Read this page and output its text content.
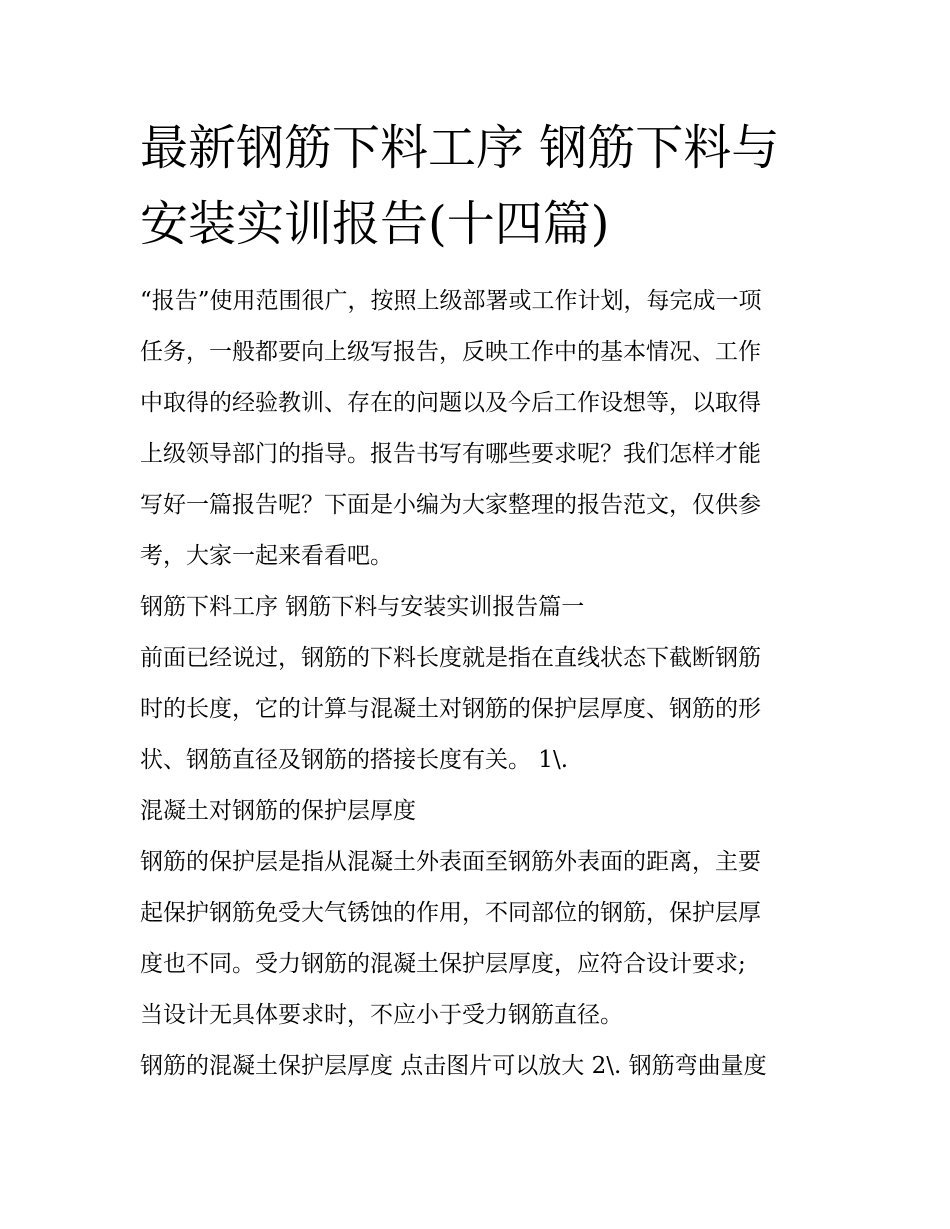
最新钢筋下料工序 钢筋下料与
安装实训报告(十四篇)

“报告”使用范围很广，按照上级部署或工作计划，每完成一项
任务，一般都要向上级写报告，反映工作中的基本情况、工作
中取得的经验教训、存在的问题以及今后工作设想等，以取得
上级领导部门的指导。报告书写有哪些要求呢？我们怎样才能
写好一篇报告呢？下面是小编为大家整理的报告范文，仅供参
考，大家一起来看看吧。

钢筋下料工序 钢筋下料与安装实训报告篇一

前面已经说过，钢筋的下料长度就是指在直线状态下截断钢筋
时的长度，它的计算与混凝土对钢筋的保护层厚度、钢筋的形
状、钢筋直径及钢筋的搭接长度有关。 1\.

混凝土对钢筋的保护层厚度

钢筋的保护层是指从混凝土外表面至钢筋外表面的距离，主要
起保护钢筋免受大气锈蚀的作用，不同部位的钢筋，保护层厚
度也不同。受力钢筋的混凝土保护层厚度，应符合设计要求;
当设计无具体要求时，不应小于受力钢筋直径。

钢筋的混凝土保护层厚度 点击图片可以放大 2\. 钢筋弯曲量度
